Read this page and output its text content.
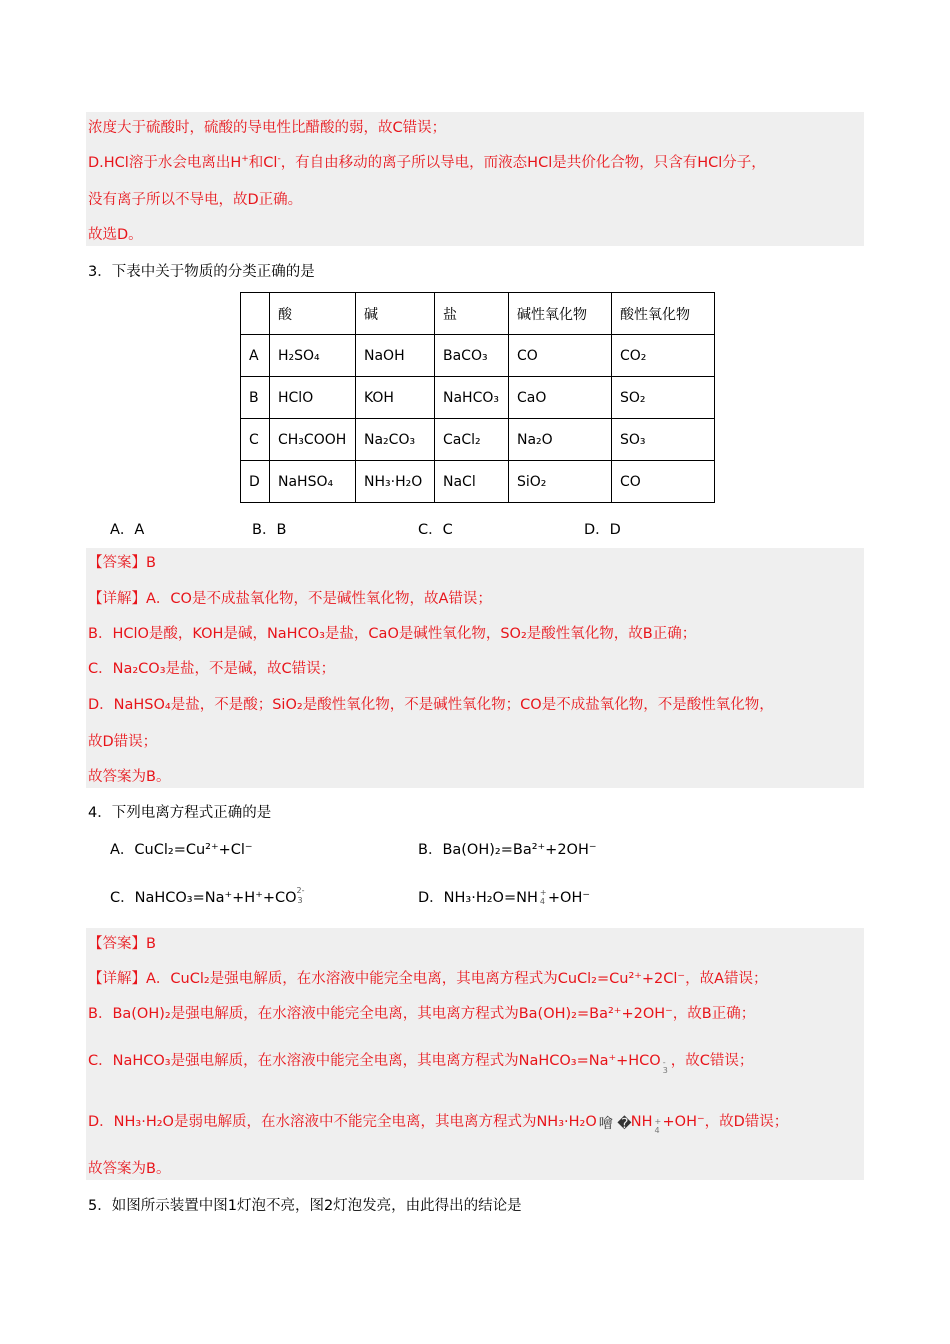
浓度大于硫酸时，硫酸的导电性比醋酸的弱，故C错误；
D.HCl溶于水会电离出H+和Cl-，有自由移动的离子所以导电，而液态HCl是共价化合物，只含有HCl分子，
没有离子所以不导电，故D正确。
故选D。
3．下表中关于物质的分类正确的是
	酸	碱	盐	碱性氧化物	酸性氧化物
A	H₂SO₄	NaOH	BaCO₃	CO	CO₂
B	HClO	KOH	NaHCO₃	CaO	SO₂
C	CH₃COOH	Na₂CO₃	CaCl₂	Na₂O	SO₃
D	NaHSO₄	NH₃·H₂O	NaCl	SiO₂	CO
A．A	B．B	C．C	D．D
【答案】B
【详解】A．CO是不成盐氧化物，不是碱性氧化物，故A错误；
B．HClO是酸，KOH是碱，NaHCO₃是盐，CaO是碱性氧化物，SO₂是酸性氧化物，故B正确；
C．Na₂CO₃是盐，不是碱，故C错误；
D．NaHSO₄是盐，不是酸；SiO₂是酸性氧化物，不是碱性氧化物；CO是不成盐氧化物，不是酸性氧化物，
故D错误；
故答案为B。
4．下列电离方程式正确的是
A．CuCl₂=Cu²⁺+Cl⁻	B．Ba(OH)₂=Ba²⁺+2OH⁻
C．NaHCO₃=Na⁺+H⁺+CO 2-
3	D．NH₃·H₂O=NH +
4 +OH⁻
【答案】B
【详解】A．CuCl₂是强电解质，在水溶液中能完全电离，其电离方程式为CuCl₂=Cu²⁺+2Cl⁻，故A错误；
B．Ba(OH)₂是强电解质，在水溶液中能完全电离，其电离方程式为Ba(OH)₂=Ba²⁺+2OH⁻，故B正确；
C．NaHCO₃是强电解质，在水溶液中能完全电离，其电离方程式为NaHCO₃=Na⁺+HCO -
3
，故C错误；
D．NH₃·H₂O是弱电解质，在水溶液中不能完全电离，其电离方程式为NH₃·H₂O 噲 � NH +
4
+OH⁻，故D错误；
故答案为B。
5．如图所示装置中图1灯泡不亮，图2灯泡发亮，由此得出的结论是
